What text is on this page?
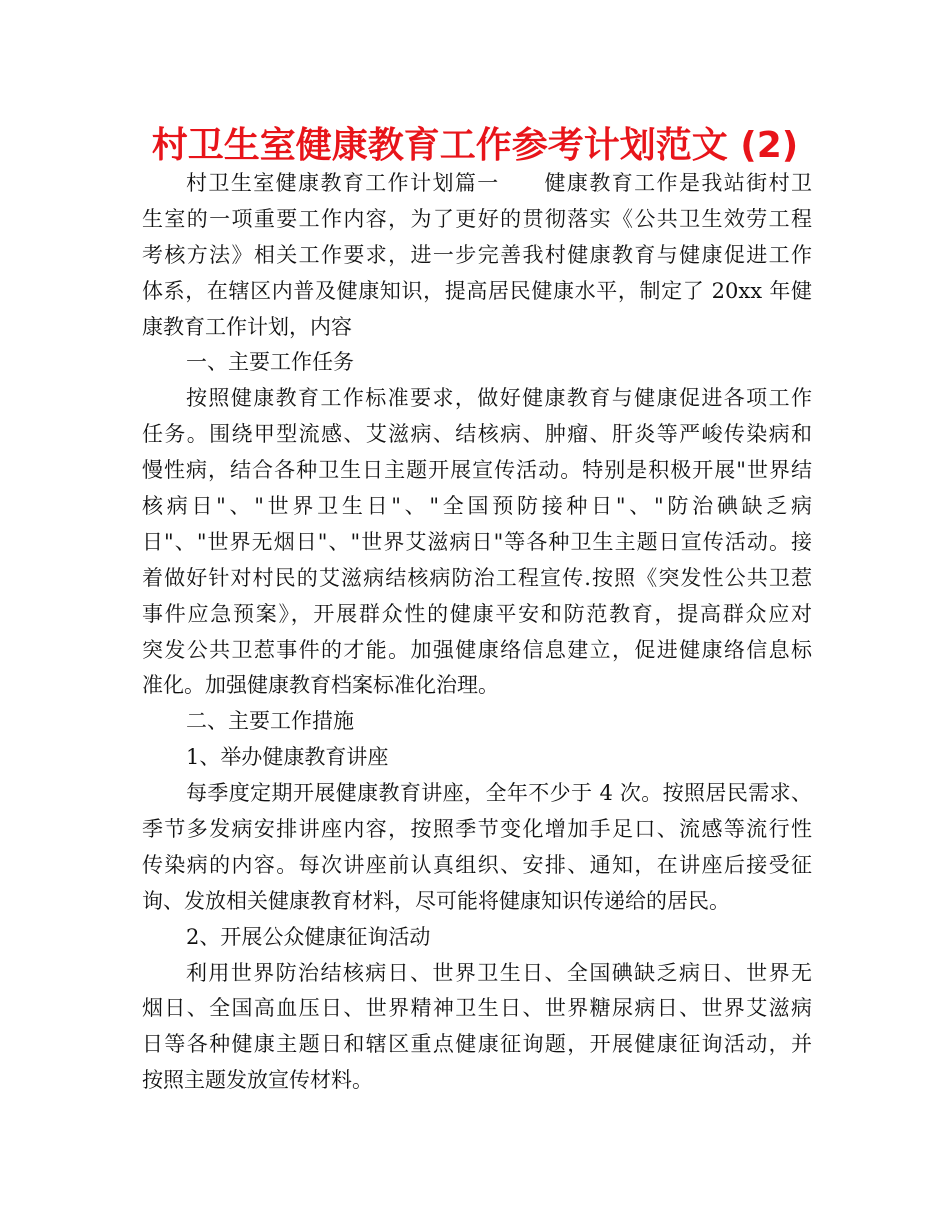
村卫生室健康教育工作参考计划范文 (2)
村卫生室健康教育工作计划篇一　　健康教育工作是我站街村卫
生室的一项重要工作内容，为了更好的贯彻落实《公共卫生效劳工程
考核方法》相关工作要求，进一步完善我村健康教育与健康促进工作
体系，在辖区内普及健康知识，提高居民健康水平，制定了 20xx 年健
康教育工作计划，内容
一、主要工作任务
按照健康教育工作标准要求，做好健康教育与健康促进各项工作
任务。围绕甲型流感、艾滋病、结核病、肿瘤、肝炎等严峻传染病和
慢性病，结合各种卫生日主题开展宣传活动。特别是积极开展"世界结
核病日"、"世界卫生日"、"全国预防接种日"、"防治碘缺乏病
日"、"世界无烟日"、"世界艾滋病日"等各种卫生主题日宣传活动。接
着做好针对村民的艾滋病结核病防治工程宣传.按照《突发性公共卫惹
事件应急预案》，开展群众性的健康平安和防范教育，提高群众应对
突发公共卫惹事件的才能。加强健康络信息建立，促进健康络信息标
准化。加强健康教育档案标准化治理。
二、主要工作措施
1、举办健康教育讲座
每季度定期开展健康教育讲座，全年不少于 4 次。按照居民需求、
季节多发病安排讲座内容，按照季节变化增加手足口、流感等流行性
传染病的内容。每次讲座前认真组织、安排、通知，在讲座后接受征
询、发放相关健康教育材料，尽可能将健康知识传递给的居民。
2、开展公众健康征询活动
利用世界防治结核病日、世界卫生日、全国碘缺乏病日、世界无
烟日、全国高血压日、世界精神卫生日、世界糖尿病日、世界艾滋病
日等各种健康主题日和辖区重点健康征询题，开展健康征询活动，并
按照主题发放宣传材料。
